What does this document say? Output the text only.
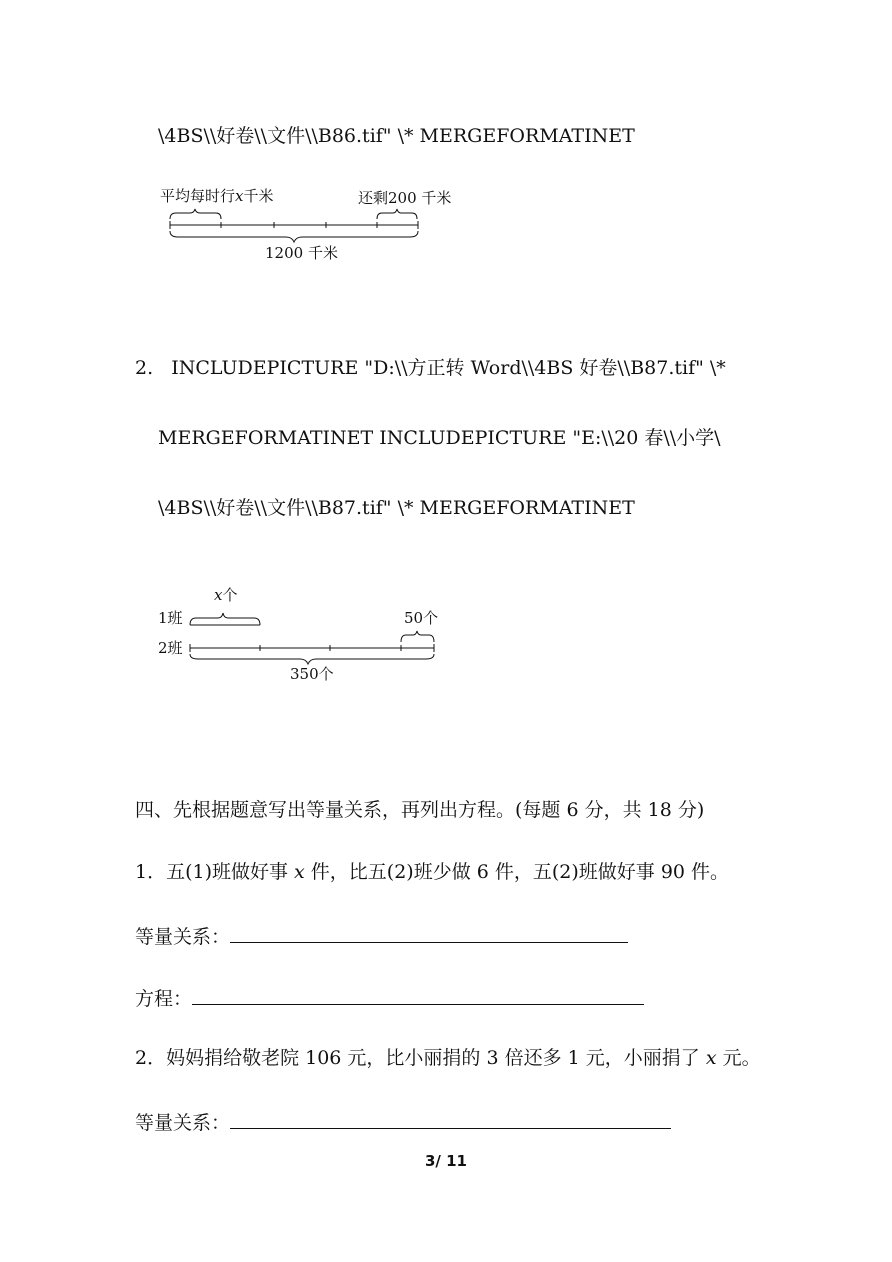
\4BS\\好卷\\文件\\B86.tif" \* MERGEFORMATINET
平均每时行x千米	还剩200 千米
1200 千米
2. INCLUDEPICTURE "D:\\方正转 Word\\4BS 好卷\\B87.tif" \*
MERGEFORMATINET INCLUDEPICTURE "E:\\20 春\\小学\
\4BS\\好卷\\文件\\B87.tif" \* MERGEFORMATINET
x个
1班	50个
2班
350个
四、先根据题意写出等量关系，再列出方程。(每题 6 分，共 18 分)
1．五(1)班做好事 x 件，比五(2)班少做 6 件，五(2)班做好事 90 件。
等量关系：
方程：
2．妈妈捐给敬老院 106 元，比小丽捐的 3 倍还多 1 元，小丽捐了 x 元。
等量关系：
3/ 11
